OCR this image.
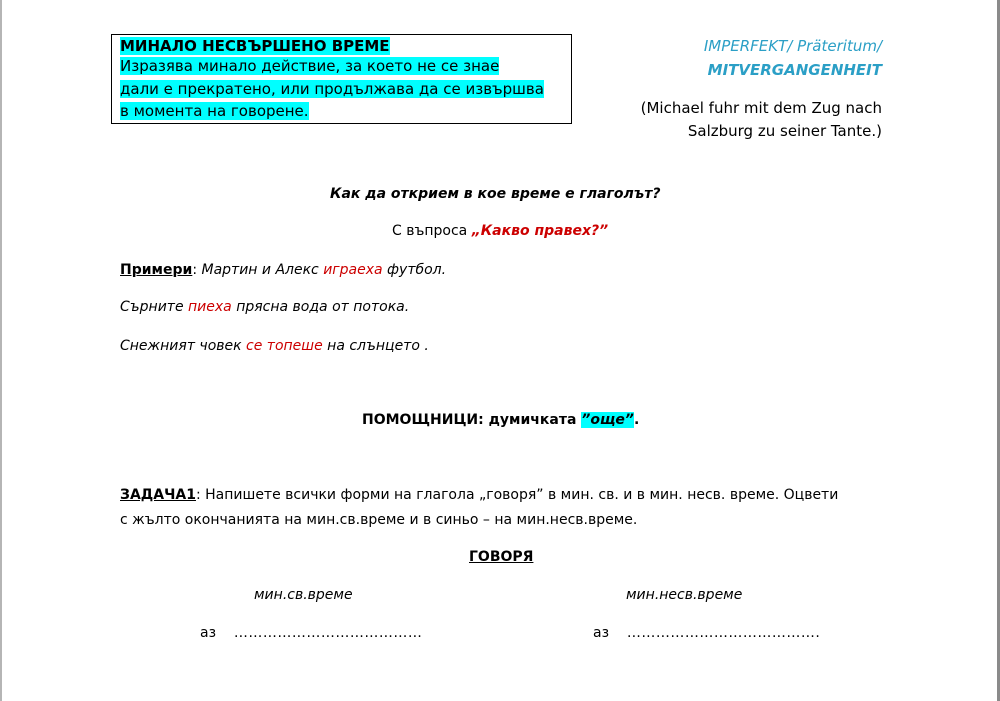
МИНАЛО НЕСВЪРШЕНО ВРЕМЕ
Изразява минало действие, за което не се знае
дали е прекратено, или продължава да се извършва
в момента на говорене.
IMPERFEKT/ Präteritum/
MITVERGANGENHEIT
(Michael fuhr mit dem Zug nach
Salzburg zu seiner Tante.)
Как да открием в кое време е глаголът?
С въпроса „Какво правех?”
Примери: Мартин и Алекс играеха футбол.
Сърните пиеха прясна вода от потока.
Снежният човек се топеше на слънцето .
ПОМОЩНИЦИ: думичката ”още”.
ЗАДАЧА1: Напишете всички форми на глагола „говоря” в мин. св. и в мин. несв. време. Оцвети
с жълто окончанията на мин.св.време и в синьо – на мин.несв.време.
ГОВОРЯ
мин.св.време	мин.несв.време
аз …………………………………	аз ………………………………….
